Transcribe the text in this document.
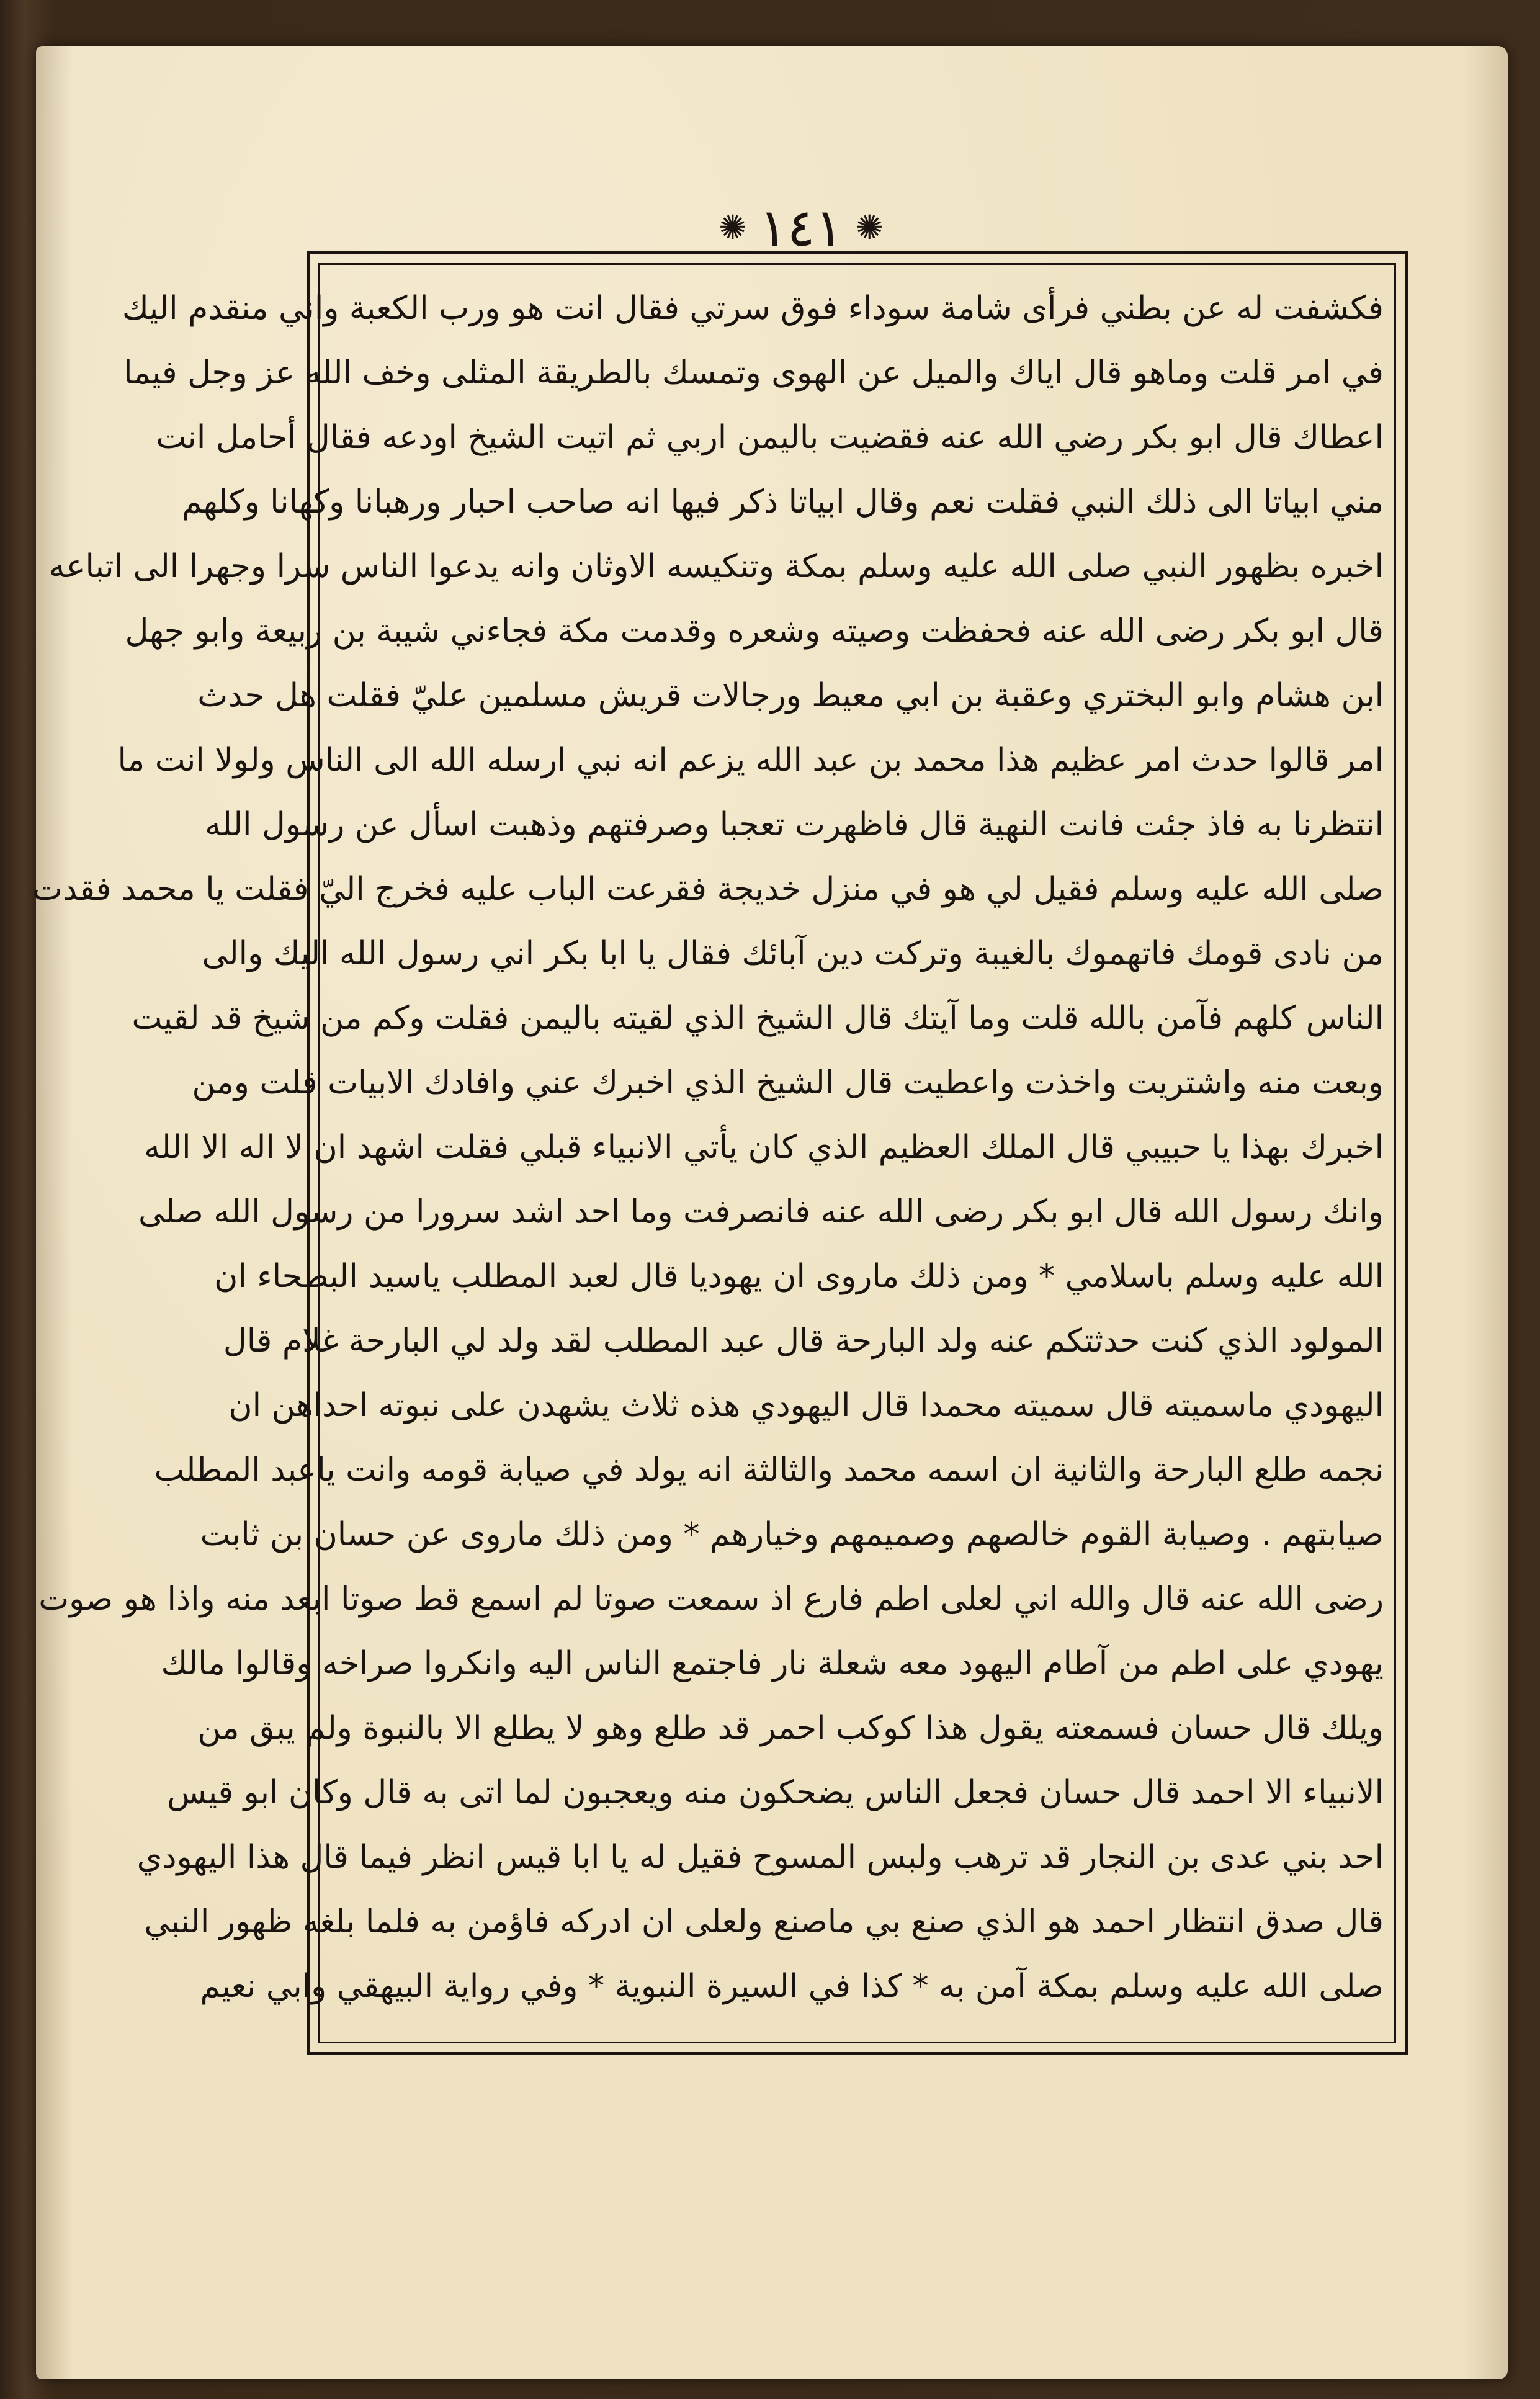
✺ ١٤١ ✺
فكشفت له عن بطني فرأى شامة سوداء فوق سرتي فقال انت هو ورب الكعبة واني منقدم اليك
في امر قلت وماهو قال اياك والميل عن الهوى وتمسك بالطريقة المثلى وخف الله عز وجل فيما
اعطاك قال ابو بكر رضي الله عنه فقضيت باليمن اربي ثم اتيت الشيخ اودعه فقال أحامل انت
مني ابياتا الى ذلك النبي فقلت نعم وقال ابياتا ذكر فيها انه صاحب احبار ورهبانا وكهانا وكلهم
اخبره بظهور النبي صلى الله عليه وسلم بمكة وتنكيسه الاوثان وانه يدعوا الناس سرا وجهرا الى اتباعه
قال ابو بكر رضى الله عنه فحفظت وصيته وشعره وقدمت مكة فجاءني شيبة بن ربيعة وابو جهل
ابن هشام وابو البختري وعقبة بن ابي معيط ورجالات قريش مسلمين عليّ فقلت هل حدث
امر قالوا حدث امر عظيم هذا محمد بن عبد الله يزعم انه نبي ارسله الله الى الناس ولولا انت ما
انتظرنا به فاذ جئت فانت النهية قال فاظهرت تعجبا وصرفتهم وذهبت اسأل عن رسول الله
صلى الله عليه وسلم فقيل لي هو في منزل خديجة فقرعت الباب عليه فخرج اليّ فقلت يا محمد فقدت
من نادى قومك فاتهموك بالغيبة وتركت دين آبائك فقال يا ابا بكر اني رسول الله اليك والى
الناس كلهم فآمن بالله قلت وما آيتك قال الشيخ الذي لقيته باليمن فقلت وكم من شيخ قد لقيت
وبعت منه واشتريت واخذت واعطيت قال الشيخ الذي اخبرك عني وافادك الابيات قلت ومن
اخبرك بهذا يا حبيبي قال الملك العظيم الذي كان يأتي الانبياء قبلي فقلت اشهد ان لا اله الا الله
وانك رسول الله قال ابو بكر رضى الله عنه فانصرفت وما احد اشد سرورا من رسول الله صلى
الله عليه وسلم باسلامي * ومن ذلك ماروى ان يهوديا قال لعبد المطلب ياسيد البطحاء ان
المولود الذي كنت حدثتكم عنه ولد البارحة قال عبد المطلب لقد ولد لي البارحة غلام قال
اليهودي ماسميته قال سميته محمدا قال اليهودي هذه ثلاث يشهدن على نبوته احداهن ان
نجمه طلع البارحة والثانية ان اسمه محمد والثالثة انه يولد في صيابة قومه وانت ياعبد المطلب
صيابتهم . وصيابة القوم خالصهم وصميمهم وخيارهم * ومن ذلك ماروى عن حسان بن ثابت
رضى الله عنه قال والله اني لعلى اطم فارع اذ سمعت صوتا لم اسمع قط صوتا ابعد منه واذا هو صوت
يهودي على اطم من آطام اليهود معه شعلة نار فاجتمع الناس اليه وانكروا صراخه وقالوا مالك
ويلك قال حسان فسمعته يقول هذا كوكب احمر قد طلع وهو لا يطلع الا بالنبوة ولم يبق من
الانبياء الا احمد قال حسان فجعل الناس يضحكون منه ويعجبون لما اتى به قال وكان ابو قيس
احد بني عدى بن النجار قد ترهب ولبس المسوح فقيل له يا ابا قيس انظر فيما قال هذا اليهودي
قال صدق انتظار احمد هو الذي صنع بي ماصنع ولعلى ان ادركه فاؤمن به فلما بلغه ظهور النبي
صلى الله عليه وسلم بمكة آمن به * كذا في السيرة النبوية * وفي رواية البيهقي وابي نعيم
